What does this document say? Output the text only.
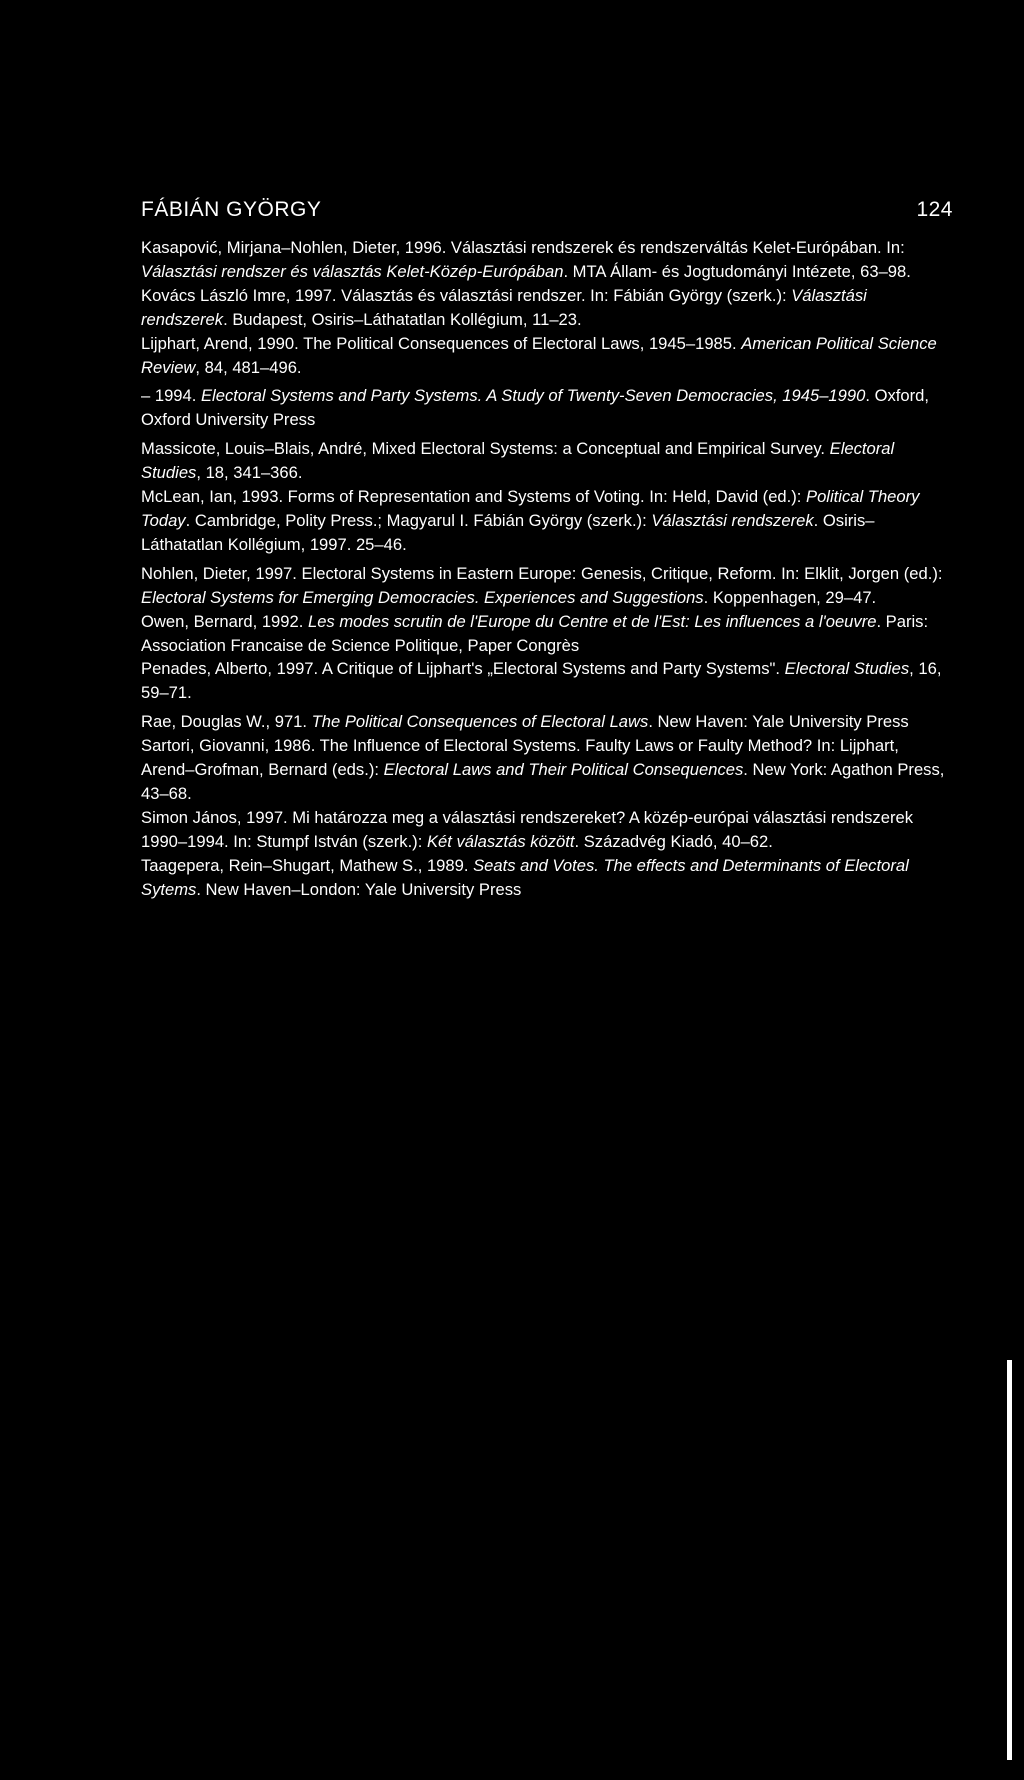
FÁBIÁN GYÖRGY	124

Kasapović, Mirjana–Nohlen, Dieter, 1996. Választási rendszerek és rendszerváltás Kelet-Európában. In: Választási rendszer és választás Kelet-Közép-Európában. MTA Állam- és Jogtudományi Intézete, 63–98.

Kovács László Imre, 1997. Választás és választási rendszer. In: Fábián György (szerk.): Választási rendszerek. Budapest, Osiris–Láthatatlan Kollégium, 11–23.

Lijphart, Arend, 1990. The Political Consequences of Electoral Laws, 1945–1985. American Political Science Review, 84, 481–496.

– 1994. Electoral Systems and Party Systems. A Study of Twenty-Seven Democracies, 1945–1990. Oxford, Oxford University Press

Massicote, Louis–Blais, André, Mixed Electoral Systems: a Conceptual and Empirical Survey. Electoral Studies, 18, 341–366.

McLean, Ian, 1993. Forms of Representation and Systems of Voting. In: Held, David (ed.): Political Theory Today. Cambridge, Polity Press.; Magyarul I. Fábián György (szerk.): Választási rendszerek. Osiris–Láthatatlan Kollégium, 1997. 25–46.

Nohlen, Dieter, 1997. Electoral Systems in Eastern Europe: Genesis, Critique, Reform. In: Elklit, Jorgen (ed.): Electoral Systems for Emerging Democracies. Experiences and Suggestions. Koppenhagen, 29–47.

Owen, Bernard, 1992. Les modes scrutin de l'Europe du Centre et de l'Est: Les influences a l'oeuvre. Paris: Association Francaise de Science Politique, Paper Congrès

Penades, Alberto, 1997. A Critique of Lijphart's „Electoral Systems and Party Systems". Electoral Studies, 16, 59–71.

Rae, Douglas W., 971. The Political Consequences of Electoral Laws. New Haven: Yale University Press

Sartori, Giovanni, 1986. The Influence of Electoral Systems. Faulty Laws or Faulty Method? In: Lijphart, Arend–Grofman, Bernard (eds.): Electoral Laws and Their Political Consequences. New York: Agathon Press, 43–68.

Simon János, 1997. Mi határozza meg a választási rendszereket? A közép-európai választási rendszerek 1990–1994. In: Stumpf István (szerk.): Két választás között. Századvég Kiadó, 40–62.

Taagepera, Rein–Shugart, Mathew S., 1989. Seats and Votes. The effects and Determinants of Electoral Sytems. New Haven–London: Yale University Press
